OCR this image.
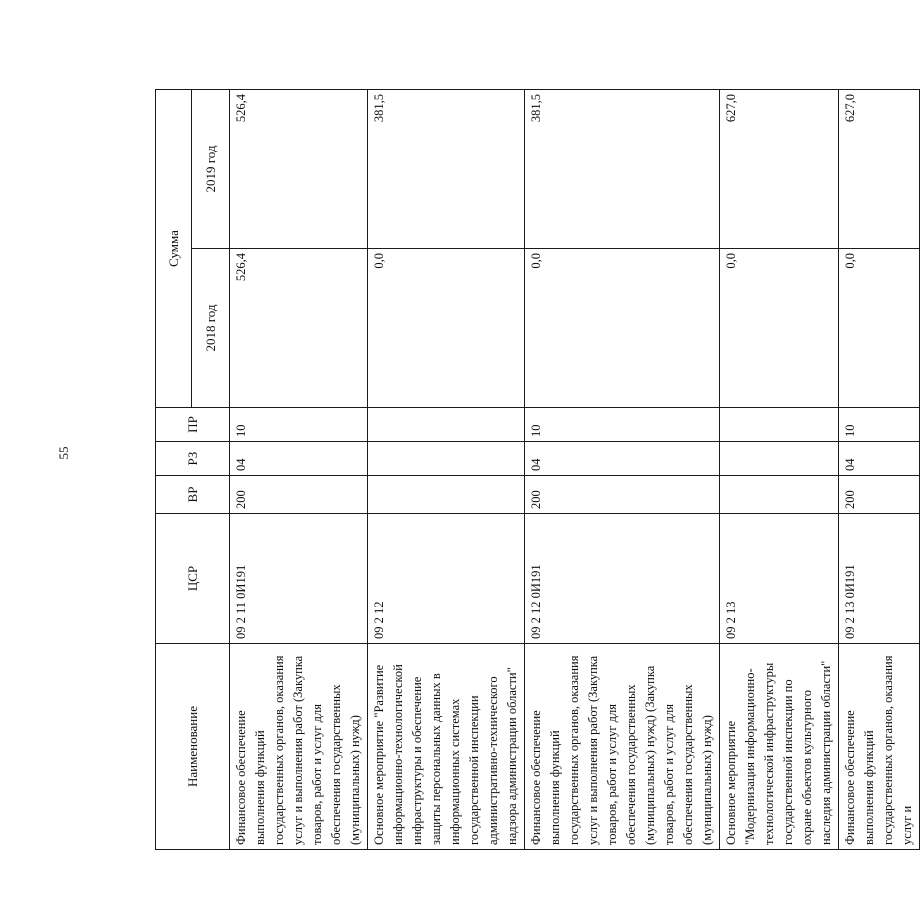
55
Наименование	ЦСР	ВР	РЗ	ПР	Сумма	
					2018 год	2019 год
Финансовое обеспечение выполнения функций государственных органов, оказания услуг и выполнения работ (Закупка товаров, работ и услуг для обеспечения государственных (муниципальных) нужд)	09 2 11 0И191	200	04	10	526,4	526,4
Основное мероприятие "Развитие информационно-технологической инфраструктуры и обеспечение защиты персональных данных в информационных системах государственной инспекции административно-технического надзора администрации области"	09 2 12				0,0	381,5
Финансовое обеспечение выполнения функций государственных органов, оказания услуг и выполнения работ (Закупка товаров, работ и услуг для обеспечения государственных (муниципальных) нужд) (Закупка товаров, работ и услуг для обеспечения государственных (муниципальных) нужд)	09 2 12 0И191	200	04	10	0,0	381,5
Основное мероприятие "Модернизация информационно-технологической инфраструктуры государственной инспекции по охране объектов культурного наследия администрации области"	09 2 13				0,0	627,0
Финансовое обеспечение выполнения функций государственных органов, оказания услуг и	09 2 13 0И191	200	04	10	0,0	627,0
